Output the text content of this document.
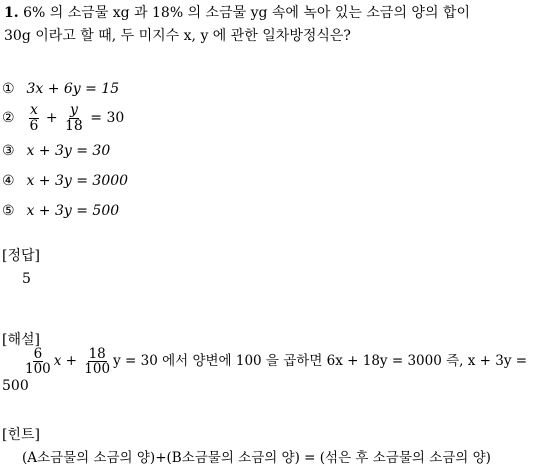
1. 6% 의 소금물 xg 과 18% 의 소금물 yg 속에 녹아 있는 소금의 양의 합이
30g 이라고 할 때, 두 미지수 x, y 에 관한 일차방정식은?
① 3x + 6y = 15
② $\frac{x}{6} + \frac{y}{18} = 30$
③ x + 3y = 30
④ x + 3y = 3000
⑤ x + 3y = 500
[정답]
5
[해설]
$\frac{6}{100}$ $x + \frac{18}{100}$ y = 30 에서 양변에 100 을 곱하면 6x + 18y = 3000 즉, x + 3y =
500
[힌트]
(A소금물의 소금의 양)+(B소금물의 소금의 양) = (섞은 후 소금물의 소금의 양)
